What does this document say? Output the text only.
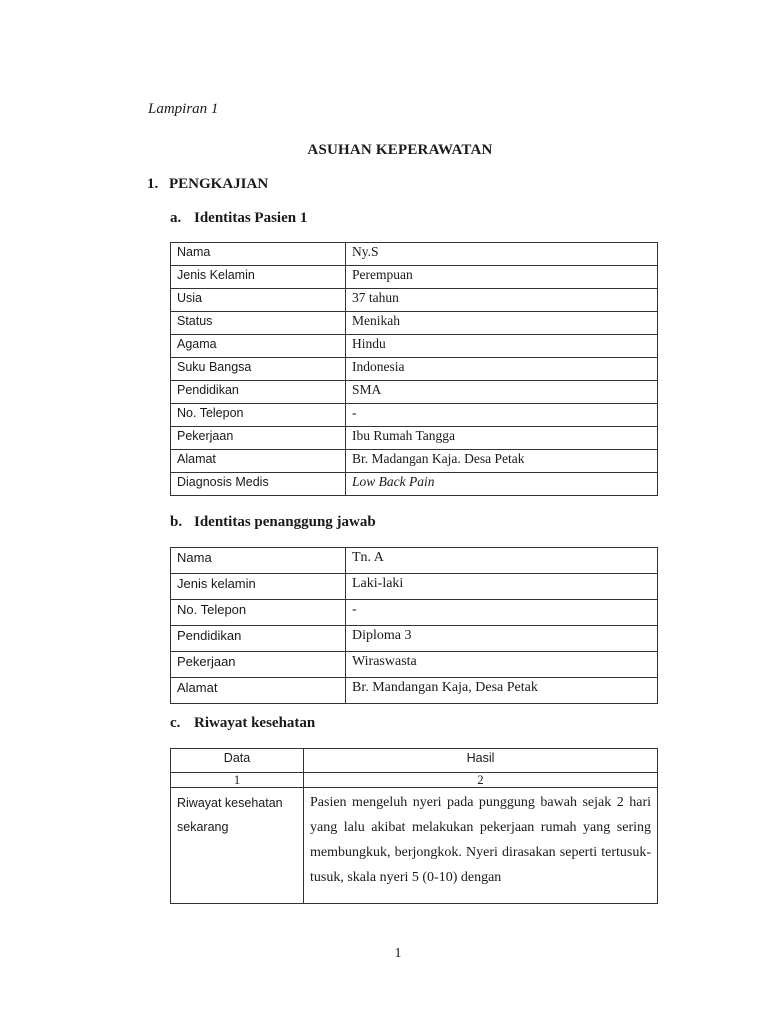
Lampiran 1
ASUHAN KEPERAWATAN
1. PENGKAJIAN
a. Identitas Pasien 1
Nama	Ny.S
Jenis Kelamin	Perempuan
Usia	37 tahun
Status	Menikah
Agama	Hindu
Suku Bangsa	Indonesia
Pendidikan	SMA
No. Telepon	-
Pekerjaan	Ibu Rumah Tangga
Alamat	Br. Madangan Kaja. Desa Petak
Diagnosis Medis	Low Back Pain
b. Identitas penanggung jawab
Nama	Tn. A
Jenis kelamin	Laki-laki
No. Telepon	-
Pendidikan	Diploma 3
Pekerjaan	Wiraswasta
Alamat	Br. Mandangan Kaja, Desa Petak
c. Riwayat kesehatan
Data	Hasil
1	2

Riwayat kesehatan
sekarang	Pasien mengeluh nyeri pada punggung bawah sejak 2 hari yang lalu akibat melakukan pekerjaan rumah yang sering membungkuk, berjongkok. Nyeri dirasakan seperti tertusuk-tusuk, skala nyeri 5 (0-10) dengan
1
